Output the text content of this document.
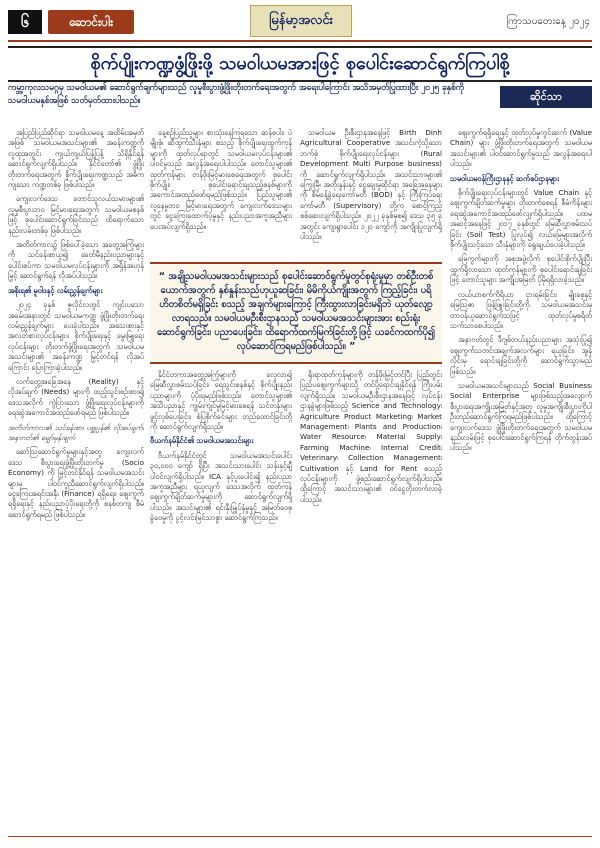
၆	ဆောင်းပါး	မြန်မာ့အလင်း	ကြာသပတေးနေ့ ၂၀၂၄
စိုက်ပျိုးကဏ္ဍဖွံ့ဖြိုးဖို့ သမဝါယမအားဖြင့် စုပေါင်းဆောင်ရွက်ကြပါစို့
ကမ္ဘာ့ကုလသမဂ္ဂမှ သမဝါယမ၏ ဆောင်ရွက်ချက်များသည် လူမှုစီးပွားဖွံ့ဖြိုးတိုးတက်ရေးအတွက် အရေးပါကြောင်း အသိအမှတ်ပြုထားပြီး ၂၀၂၅ ခုနှစ်ကို သမဝါယမနှစ်အဖြစ် သတ်မှတ်ထားပါသည်။	ဆိုင်သာ

အပြည်ပြည်ဆိုင်ရာ သမဝါယမနေ့ အထိမ်းအမှတ်အဖြစ် သမဝါယမအသင်းများ၏ အခန်းကဏ္ဍကို လူထုအတွင်း ကျယ်ကျယ်ပြန့်ပြန့် သိရှိနိုင်ရန် ဆောင်ရွက်လျက်ရှိပါသည်။ နိုင်ငံတော်၏ ဖွံ့ဖြိုးတိုးတက်ရေးအတွက် စိုက်ပျိုးရေးကဏ္ဍသည် အဓိကကျသော ကဏ္ဍတစ်ခု ဖြစ်ပါသည်။

ကျေးလက်ဒေသ တောင်သူလယ်သမားများ၏ လူမှုစီးပွားဘဝ မြင့်မားရေးအတွက် သမဝါယမစနစ်ဖြင့် စုပေါင်းဆောင်ရွက်ခြင်းသည် ထိရောက်သော နည်းလမ်းတစ်ခု ဖြစ်ပါသည်။

အတိတ်ကာလ၌ ဖြစ်ပေါ်ခဲ့သော အတွေ့အကြုံများကို သင်ခန်းစာယူ၍ ခေတ်မီနည်းပညာများနှင့် ပေါင်းစပ်ကာ သမဝါယမလုပ်ငန်းများကို အရှိန်အဟုန်မြှင့် ဆောင်ရွက်ရန် လိုအပ်ပါသည်။

အစိုးရ၏ မူဝါဒနှင့် လမ်းညွှန်ချက်များ

၂၀၂၄ ခုနှစ် ဇူလိုင်လတွင် ကျင်းပသော အခမ်းအနားတွင် သမဝါယမကဏ္ဍ ဖွံ့ဖြိုးတိုးတက်ရေး လမ်းညွှန်ချက်များ ပေးခဲ့ပါသည်။ အသေးစားနှင့် အလတ်စားလုပ်ငန်းများ၊ စိုက်ပျိုးရေးနှင့် မွေးမြူရေးလုပ်ငန်းများ တိုးတက်ဖွံ့ဖြိုးရေးအတွက် သမဝါယမအသင်းများ၏ အခန်းကဏ္ဍ မြှင့်တင်ရန် လိုအပ်ကြောင်း ပြောကြားခဲ့ပါသည်။

လက်တွေ့အခြေအနေ (Reality) နှင့် လိုအပ်ချက် (Needs) များကို ထည့်သွင်းစဉ်းစား၍ ဒေသအလိုက် ကွဲပြားသော ဖွံ့ဖြိုးရေးလုပ်ငန်းများကို ရေးဆွဲအကောင်အထည်ဖော်ရမည် ဖြစ်ပါသည်။

အတိတ်ကာလ၏ သင်ခန်းစာ၊ ပစ္စုပ္ပန်၏ လိုအပ်ချက်၊ အနာဂတ်၏ မျှော်မှန်းချက်

ဆော်သြဆောင်ရွက်မှုများနှင့်အတူ ကျေးလက်ဒေသ စီးပွားရေးဖွံ့ဖြိုးတိုးတက်မှု (Socio Economy) ကို မြှင့်တင်နိုင်ရန် သမဝါယမအသင်းများမှ ပါဝင်ကူညီဆောင်ရွက်လျက်ရှိပါသည်။ ငွေကြေးအရင်းအနှီး (Finance) ရရှိရေး၊ ဈေးကွက်ရရှိရေးနှင့် နည်းပညာပံ့ပိုးရေးတို့ကို စနစ်တကျ စီမံဆောင်ရွက်ရမည် ဖြစ်ပါသည်။

နေ့စဉ်ပြည်သူများ စားသုံးနေကြရသော ဆန်စပါး၊ ပဲမျိုးစုံ၊ ဆီထွက်သီးနှံများ စသည့် စိုက်ပျိုးရေးထွက်ကုန်များကို ထုတ်လုပ်ရာတွင် သမဝါယမလုပ်ငန်းများ၏ ပါဝင်မှုသည် အလွန်အရေးပါပါသည်။ တောင်သူများ၏ ထုတ်ကုန်များ တန်ဖိုးမြင့်မားစေရေးအတွက် စုပေါင်းစိုက်ပျိုး၊ စုပေါင်းရောင်းချသည့်စနစ်များကို အကောင်အထည်ဖော်ရမည်ဖြစ်သည်။ ပြည်သူများ၏ လူနေမှုဘဝ မြင့်မားရေးအတွက် ကျေးလက်ဒေသများတွင် ငွေကြေးထောက်ပံ့မှုနှင့် နည်းပညာအကူအညီများ ပေးအပ်လျက်ရှိသည်။

သမဝါယမ ဦးစီးဌာနအနေဖြင့် Birth Dinh Agricultural Cooperative အသင်းကဲ့သို့သော ဘက်စုံ စိုက်ပျိုးရေးလုပ်ငန်းများ (Rural Development Multi Purpose business) ကို ဆောင်ရွက်လျက်ရှိပါသည်။ အသင်းသားများ၏ ကြွေးမြီ၊ အတိုးနှုန်းနှင့် ငွေချေးမှုဆိုင်ရာ အခြေအနေများကို စီမံခန့်ခွဲရေးကော်မတီ (BOD) နှင့် ကြီးကြပ်ရေးကော်မတီ (Supervisory) တို့က စောင့်ကြည့်စစ်ဆေးလျက်ရှိပါသည်။ ၂၀၂၂ ခုနှစ်မှစ၍ ဒေသ ၃၅ ခုအတွင်း ကျေးရွာပေါင်း ၁၂၀ ကျော်ကို အကျိုးပြုလျက်ရှိပါသည်။

“ အချို့သမဝါယမအသင်းများသည် စုပေါင်းဆောင်ရွက်မှုတွင်စုရုံးမှုမှာ တစ်ဦးတစ်ယောက်အတွက် နှစ်နှုန်းသည်ဟုယူဆခြင်း၊ မိမိကိုယ်ကျိုးအတွက် ကြည့်ခြင်း၊ ပရိဟိတစိတ်မရှိခြင်း စသည့် အချက်များကြောင့် ကြီးထွားလာခြင်းမရှိဘဲ ယုတ်လျော့လာရသည်။ သမဝါယမဦးစီးဌာနသည် သမဝါယမအသင်းများအား စည်းရုံးဆောင်ရွက်ခြင်း၊ ပညာပေးခြင်း၊ ထိရောက်ထက်မြက်ခြင်းတို့ဖြင့် ယခင်ကထက်ပို၍ လုပ်ဆောင်ကြရမည်ဖြစ်ပါသည်။ ”

နိုင်ငံတကာအတွေ့အကြုံများကို လေ့လာ၍ မြေဆီလွှာစမ်းသပ်ခြင်း၊ ရေသွင်းစနစ်နှင့် စိုက်ပျိုးနည်းပညာများကို ပံ့ပိုးရမည်ဖြစ်သည်။ တောင်သူများ၏ အသိပညာနှင့် ကျွမ်းကျင်မှုမြင့်မားစေရန် သင်တန်းများဖွင့်လှစ်ပေးခြင်း၊ စံပြစိုက်ခင်းများ တည်ထောင်ခြင်းတို့ကို ဆောင်ရွက်လျက်ရှိသည်။

ဗီယက်နမ်နိုင်ငံ၏ သမဝါယမအသင်းများ

ဗီယက်နမ်နိုင်ငံတွင် သမဝါယမအသင်းပေါင်း ၃၀,၀၀၀ ကျော် ရှိပြီး အသင်းသားပေါင်း သန်းနှင့်ချီ ပါဝင်လျက်ရှိပါသည်။ ICA နှင့်ပူးပေါင်း၍ နည်းပညာအကူအညီများ ရယူလျက် ဒေသအလိုက် ထုတ်ကုန်ဈေးကွက်ချိတ်ဆက်မှုများကို ဆောင်ရွက်လျက်ရှိပါသည်။ အသင်းများ၏ ရင်းနှီးမြှုပ်နှံမှုနှင့် အမြတ်ဝေစုခွဲဝေမှုကို ပွင့်လင်းမြင်သာစွာ ဆောင်ရွက်ကြသည်။

ရိုးရာထုတ်ကုန်များကို တန်ဖိုးမြှင့်တင်ပြီး ပြည်တွင်းပြည်ပဈေးကွက်များသို့ တင်ပို့ရောင်းချနိုင်ရန် ကြိုးပမ်းလျက်ရှိသည်။ သမဝါယမဦးစီးဌာနအနေဖြင့် လုပ်ငန်းဌာနခွဲများဖြစ်သည့် Science and Technology၊ Agriculture Product Marketing၊ Market Management၊ Plants and Production၊ Water Resource၊ Material Supply၊ Farming Machine၊ Internal Credit၊ Veterinary၊ Collection Management၊ Cultivation နှင့် Land for Rent စသည့် လုပ်ငန်းများကို ဖွဲ့စည်းဆောင်ရွက်လျက်ရှိပါသည်။ ထို့ကြောင့် အသင်းသားများ၏ ဝင်ငွေတိုးတက်လာခဲ့ပါသည်။

ဈေးကွက်ရရှိရေးနှင့် ထုတ်လုပ်မှုကွင်းဆက် (Value Chain) များ ဖွံ့ဖြိုးတိုးတက်ရေးအတွက် သမဝါယမအသင်းများ၏ ပါဝင်ဆောင်ရွက်မှုသည် အလွန်အရေးပါပါသည်။

သမဝါယမဝန်ကြီးဌာနနှင့် ဆက်စပ်ဌာနများ

စိုက်ပျိုးရေးလုပ်ငန်းများတွင် Value Chain နှင့် ဈေးကွက်ချိတ်ဆက်မှုများ တိုးတက်စေရန် စီမံကိန်းများ ရေးဆွဲအကောင်အထည်ဖော်လျက်ရှိပါသည်။ ပထမအဆင့်အနေဖြင့် ၂၀၁၇ ခုနှစ်တွင် မြေဆီလွှာစမ်းသပ်ခြင်း (Soil Test) ပြုလုပ်၍ လယ်မြေများအလိုက် စိုက်ပျိုးသင့်သော သီးနှံများကို ရွေးချယ်ပေးခဲ့ပါသည်။

မြေကွက်များကို အစုအဖွဲ့လိုက် စုပေါင်းစိုက်ပျိုးပြီး ထွက်ရှိလာသော ထုတ်ကုန်များကို စုပေါင်းရောင်းချခြင်းဖြင့် တောင်သူများ အကျိုးအမြတ် ပိုမိုရရှိလာခဲ့သည်။

လယ်ယာစက်ကိရိယာ ငှားရမ်းခြင်း၊ မျိုးစေ့နှင့် မြေဩဇာ ဖြန့်ဖြူးခြင်းတို့ကို သမဝါယမအသင်းမှ တာဝန်ယူဆောင်ရွက်သဖြင့် ထုတ်လုပ်မှုစရိတ် သက်သာစေပါသည်။

အနာဂတ်တွင် ဒီဂျစ်တယ်နည်းပညာများ အသုံးပြု၍ ဈေးကွက်သတင်းအချက်အလက်များ ရယူခြင်း၊ အွန်လိုင်းမှ ရောင်းချခြင်းတို့ကို ဆောင်ရွက်သွားမည်ဖြစ်သည်။

သမဝါယမအသင်းများသည် Social Business၊ Social Enterprise များဖြစ်သည့်အလျောက် စီးပွားရေးအကျိုးအမြတ်နှင့်အတူ လူမှုအကျိုးစီးပွားကိုပါ ဦးတည်ဆောင်ရွက်ကြရမည်ဖြစ်ပါသည်။ ထို့ကြောင့် ကျေးလက်ဒေသ ဖွံ့ဖြိုးတိုးတက်ရေးအတွက် သမဝါယမနည်းလမ်းဖြင့် စုပေါင်းဆောင်ရွက်ကြရန် တိုက်တွန်းအပ်ပါသည်။
